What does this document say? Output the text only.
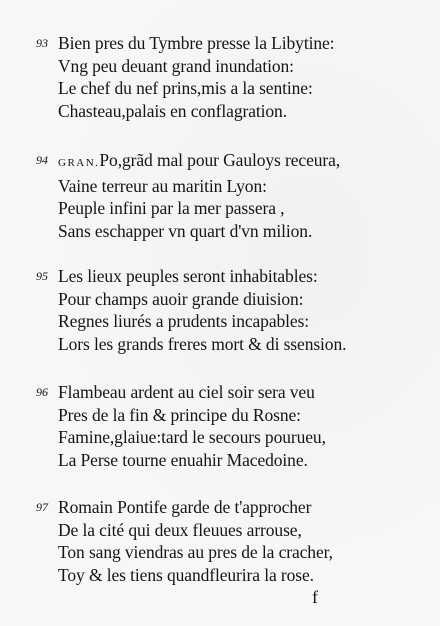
93 Bien pres du Tymbre presse la Libytine:
Vng peu deuant grand inundation:
Le chef du nef prins,mis a la sentine:
Chasteau,palais en conflagration.
94 GRAN.Po,grãd mal pour Gauloys receura,
Vaine terreur au maritin Lyon:
Peuple infini par la mer passera ,
Sans eschapper vn quart d'vn milion.
95 Les lieux peuples seront inhabitables:
Pour champs auoir grande diuision:
Regnes liurés a prudents incapables:
Lors les grands freres mort & di ssension.
96 Flambeau ardent au ciel soir sera veu
Pres de la fin & principe du Rosne:
Famine,glaiue:tard le secours pourueu,
La Perse tourne enuahir Macedoine.
97 Romain Pontife garde de t'approcher
De la cité qui deux fleuues arrouse,
Ton sang viendras au pres de la cracher,
Toy & les tiens quandfleurira la rose.
f
